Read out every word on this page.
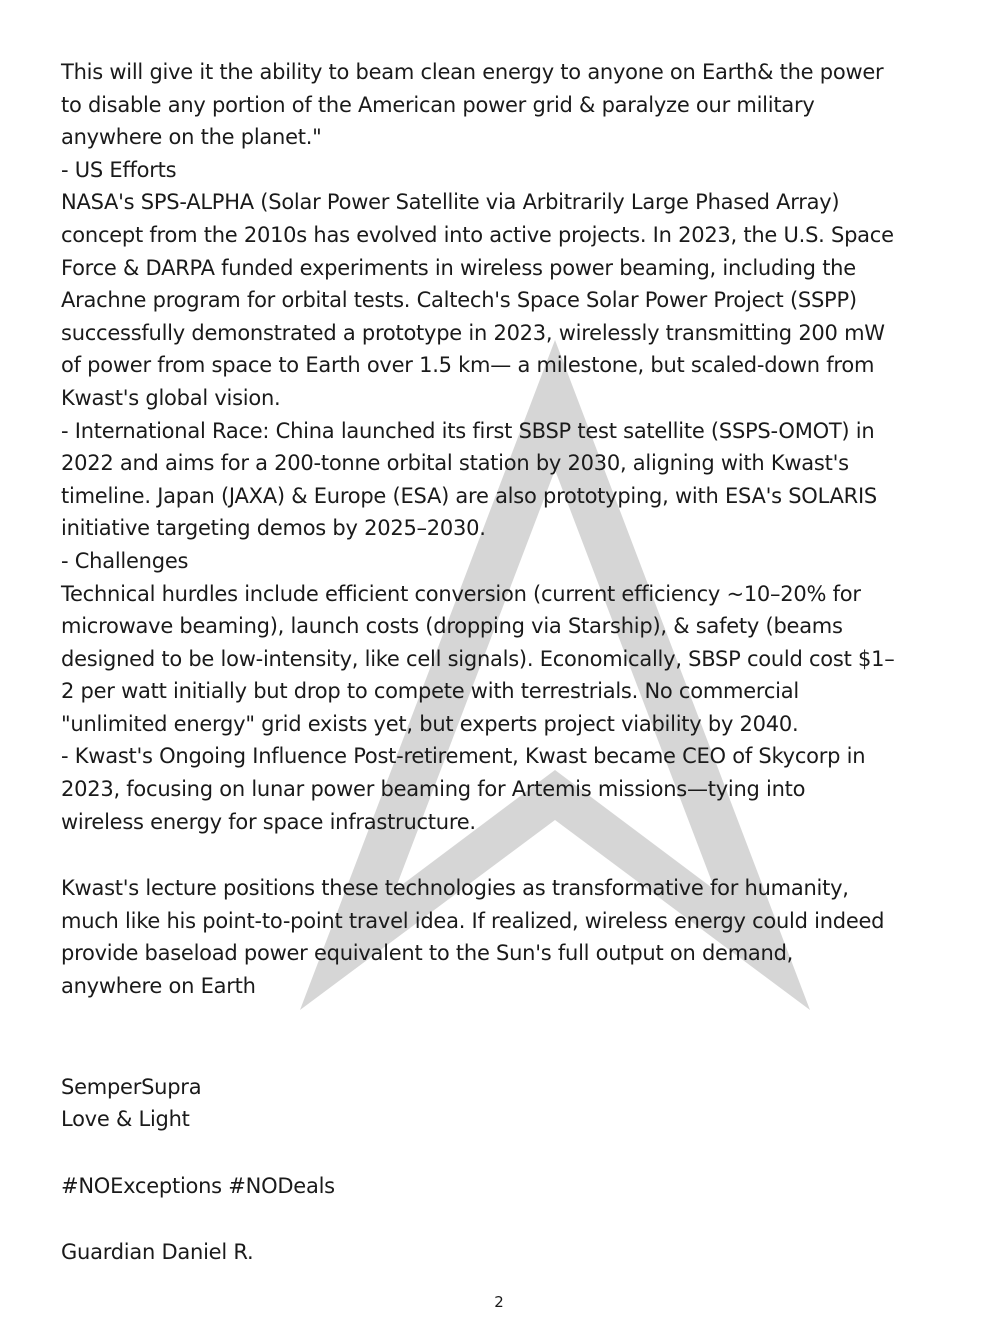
This will give it the ability to beam clean energy to anyone on Earth& the power
to disable any portion of the American power grid & paralyze our military
anywhere on the planet."
- US Efforts
NASA's SPS-ALPHA (Solar Power Satellite via Arbitrarily Large Phased Array)
concept from the 2010s has evolved into active projects. In 2023, the U.S. Space
Force & DARPA funded experiments in wireless power beaming, including the
Arachne program for orbital tests. Caltech's Space Solar Power Project (SSPP)
successfully demonstrated a prototype in 2023, wirelessly transmitting 200 mW
of power from space to Earth over 1.5 km— a milestone, but scaled-down from
Kwast's global vision.
- International Race: China launched its first SBSP test satellite (SSPS-OMOT) in
2022 and aims for a 200-tonne orbital station by 2030, aligning with Kwast's
timeline. Japan (JAXA) & Europe (ESA) are also prototyping, with ESA's SOLARIS
initiative targeting demos by 2025–2030.
- Challenges
Technical hurdles include efficient conversion (current efficiency ~10–20% for
microwave beaming), launch costs (dropping via Starship), & safety (beams
designed to be low-intensity, like cell signals). Economically, SBSP could cost $1–
2 per watt initially but drop to compete with terrestrials. No commercial
"unlimited energy" grid exists yet, but experts project viability by 2040.
- Kwast's Ongoing Influence Post-retirement, Kwast became CEO of Skycorp in
2023, focusing on lunar power beaming for Artemis missions—tying into
wireless energy for space infrastructure.
Kwast's lecture positions these technologies as transformative for humanity,
much like his point-to-point travel idea. If realized, wireless energy could indeed
provide baseload power equivalent to the Sun's full output on demand,
anywhere on Earth
SemperSupra
Love & Light
#NOExceptions #NODeals
Guardian Daniel R.
2
